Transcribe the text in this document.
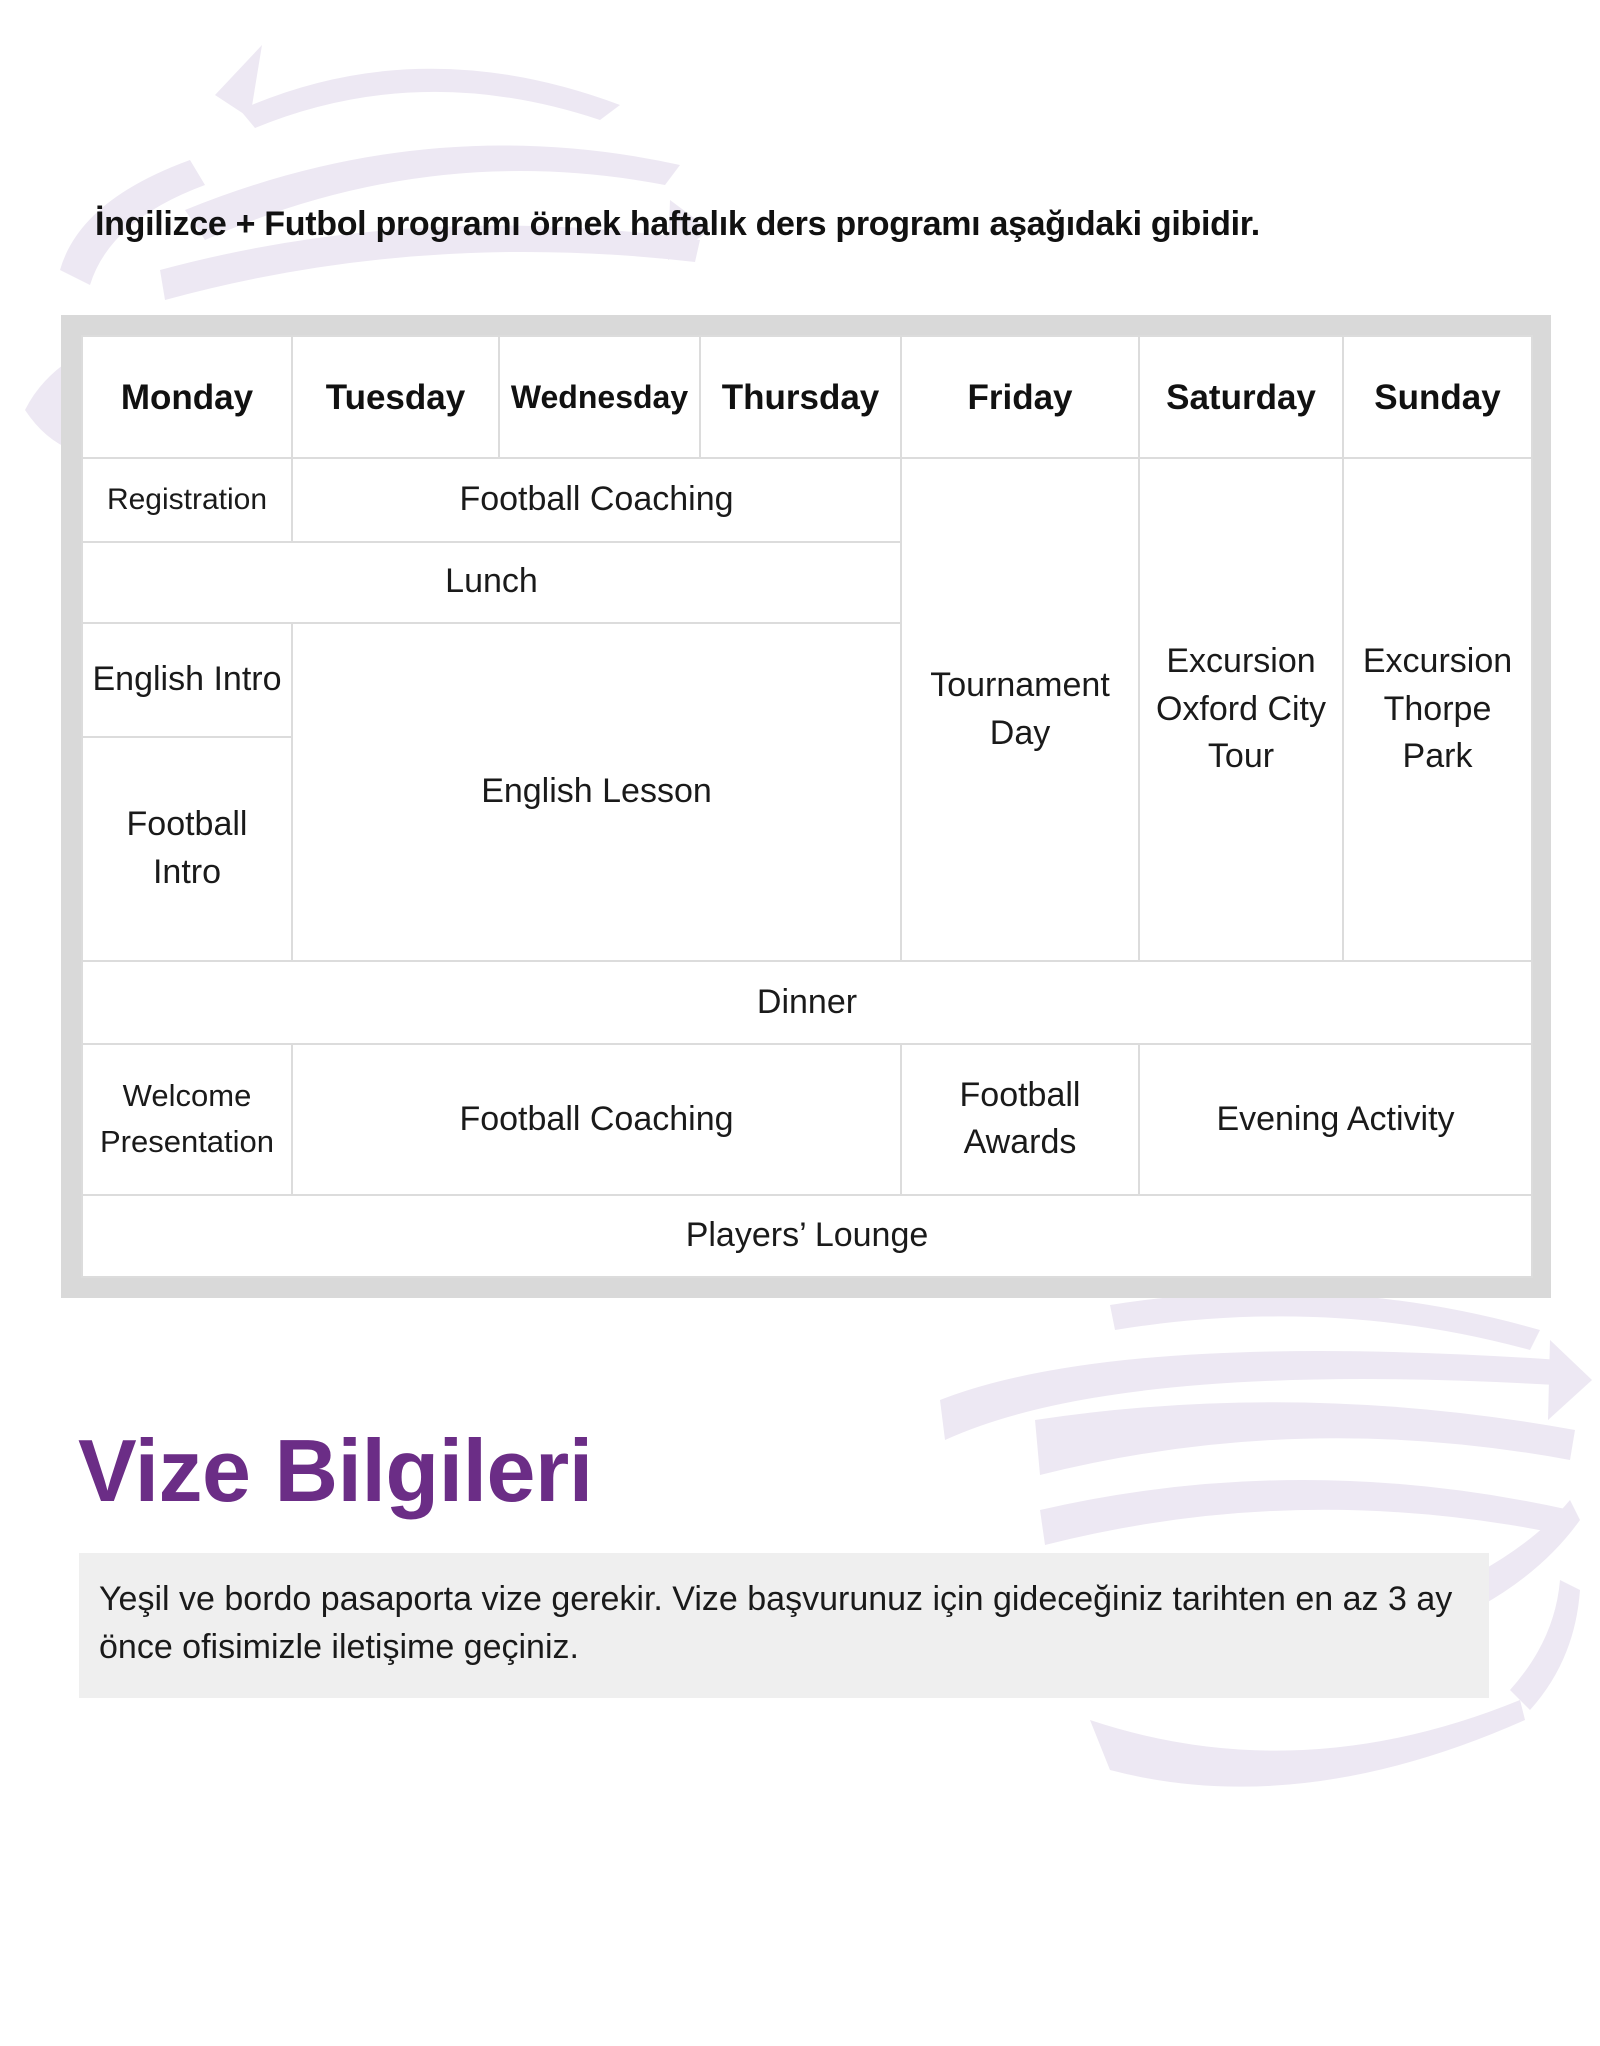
İngilizce + Futbol programı örnek haftalık ders programı aşağıdaki gibidir.
Monday	Tuesday	Wednesday	Thursday	Friday	Saturday	Sunday
Registration	Football Coaching			Tournament Day	Excursion Oxford City Tour	Excursion Thorpe Park
Lunch						
English Intro	English Lesson					
Football Intro						
Dinner						
Welcome Presentation	Football Coaching			Football Awards	Evening Activity	
Players’ Lounge						
Vize Bilgileri
Yeşil ve bordo pasaporta vize gerekir. Vize başvurunuz için gideceğiniz tarihten en az 3 ay önce ofisimizle iletişime geçiniz.
